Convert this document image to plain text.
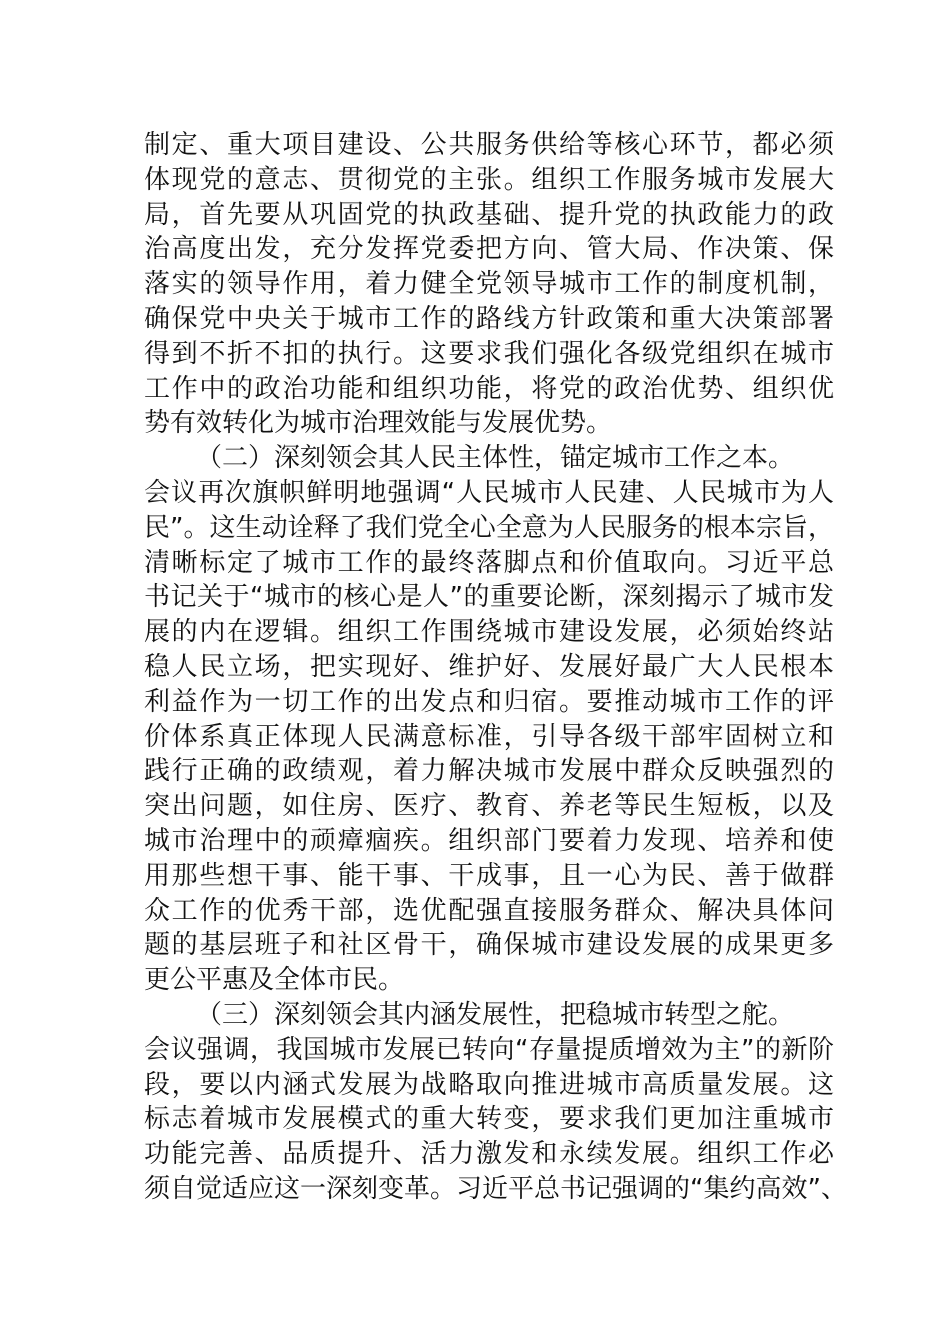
制定、重大项目建设、公共服务供给等核心环节，都必须
体现党的意志、贯彻党的主张。组织工作服务城市发展大
局，首先要从巩固党的执政基础、提升党的执政能力的政
治高度出发，充分发挥党委把方向、管大局、作决策、保
落实的领导作用，着力健全党领导城市工作的制度机制，
确保党中央关于城市工作的路线方针政策和重大决策部署
得到不折不扣的执行。这要求我们强化各级党组织在城市
工作中的政治功能和组织功能，将党的政治优势、组织优
势有效转化为城市治理效能与发展优势。
（二）深刻领会其人民主体性，锚定城市工作之本。
会议再次旗帜鲜明地强调“人民城市人民建、人民城市为人
民”。这生动诠释了我们党全心全意为人民服务的根本宗旨，
清晰标定了城市工作的最终落脚点和价值取向。习近平总
书记关于“城市的核心是人”的重要论断，深刻揭示了城市发
展的内在逻辑。组织工作围绕城市建设发展，必须始终站
稳人民立场，把实现好、维护好、发展好最广大人民根本
利益作为一切工作的出发点和归宿。要推动城市工作的评
价体系真正体现人民满意标准，引导各级干部牢固树立和
践行正确的政绩观，着力解决城市发展中群众反映强烈的
突出问题，如住房、医疗、教育、养老等民生短板，以及
城市治理中的顽瘴痼疾。组织部门要着力发现、培养和使
用那些想干事、能干事、干成事，且一心为民、善于做群
众工作的优秀干部，选优配强直接服务群众、解决具体问
题的基层班子和社区骨干，确保城市建设发展的成果更多
更公平惠及全体市民。
（三）深刻领会其内涵发展性，把稳城市转型之舵。
会议强调，我国城市发展已转向“存量提质增效为主”的新阶
段，要以内涵式发展为战略取向推进城市高质量发展。这
标志着城市发展模式的重大转变，要求我们更加注重城市
功能完善、品质提升、活力激发和永续发展。组织工作必
须自觉适应这一深刻变革。习近平总书记强调的“集约高效”、
